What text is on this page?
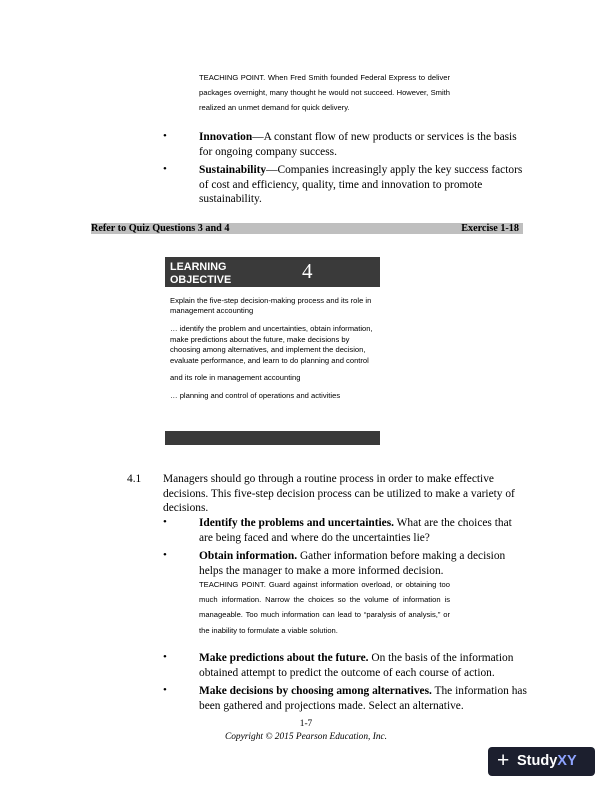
TEACHING POINT. When Fred Smith founded Federal Express to deliver packages overnight, many thought he would not succeed. However, Smith realized an unmet demand for quick delivery.
•	Innovation—A constant flow of new products or services is the basis for ongoing company success.
•	Sustainability—Companies increasingly apply the key success factors of cost and efficiency, quality, time and innovation to promote sustainability.
Refer to Quiz Questions 3 and 4	Exercise 1-18
LEARNING
OBJECTIVE	4

Explain the five-step decision-making process and its role in management accounting

… identify the problem and uncertainties, obtain information, make predictions about the future, make decisions by choosing among alternatives, and implement the decision, evaluate performance, and learn to do planning and control

and its role in management accounting

… planning and control of operations and activities

4.1 Managers should go through a routine process in order to make effective decisions. This five-step decision process can be utilized to make a variety of decisions.
•	Identify the problems and uncertainties. What are the choices that are being faced and where do the uncertainties lie?
•	Obtain information. Gather information before making a decision helps the manager to make a more informed decision.
TEACHING POINT. Guard against information overload, or obtaining too much information. Narrow the choices so the volume of information is manageable. Too much information can lead to “paralysis of analysis,” or the inability to formulate a viable solution.
•	Make predictions about the future. On the basis of the information obtained attempt to predict the outcome of each course of action.
•	Make decisions by choosing among alternatives. The information has been gathered and projections made. Select an alternative.
1-7
Copyright © 2015 Pearson Education, Inc.
+ StudyXY
